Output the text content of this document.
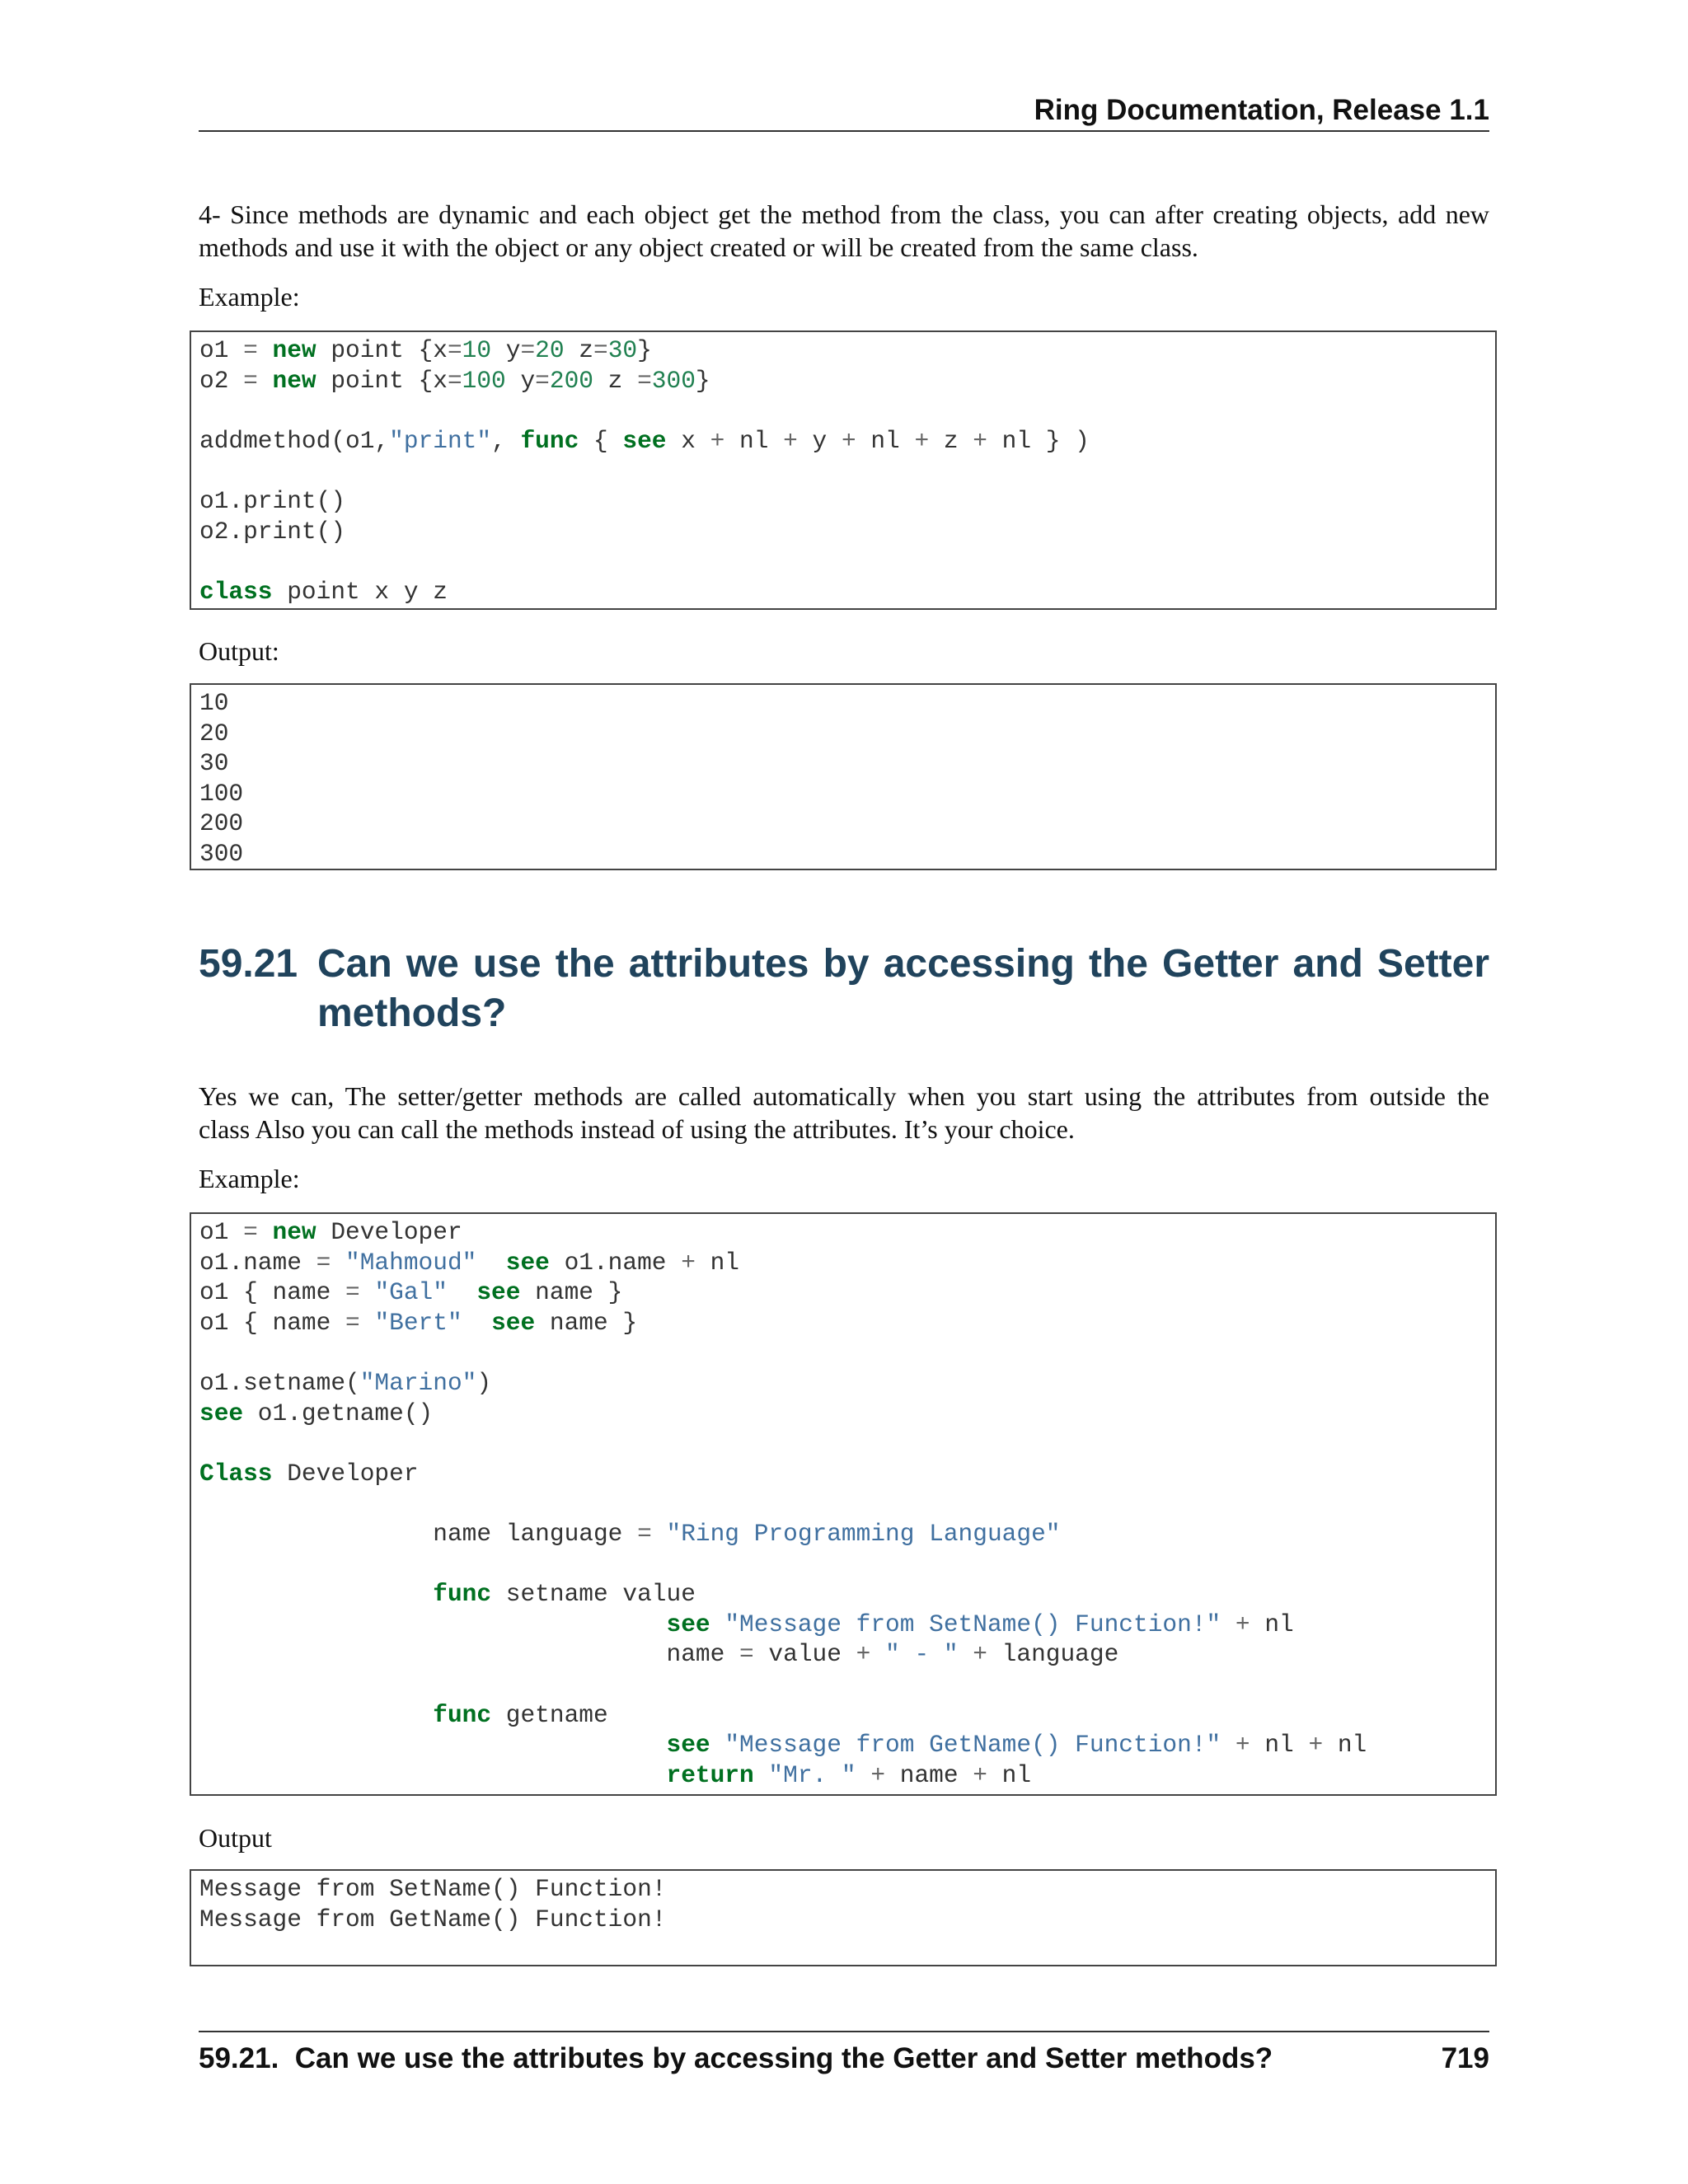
Ring Documentation, Release 1.1
4- Since methods are dynamic and each object get the method from the class, you can after creating objects, add new
methods and use it with the object or any object created or will be created from the same class.
Example:
o1 = new point {x=10 y=20 z=30}
o2 = new point {x=100 y=200 z =300}

addmethod(o1,"print", func { see x + nl + y + nl + z + nl } )

o1.print()
o2.print()

class point x y z
Output:
10
20
30
100
200
300
59.21 Can we use the attributes by accessing the Getter and Setter
methods?
Yes we can, The setter/getter methods are called automatically when you start using the attributes from outside the
class Also you can call the methods instead of using the attributes. It’s your choice.
Example:
o1 = new Developer
o1.name = "Mahmoud" see o1.name + nl
o1 { name = "Gal" see name }
o1 { name = "Bert" see name }

o1.setname("Marino")
see o1.getname()

Class Developer

name language = "Ring Programming Language"

func setname value
see "Message from SetName() Function!" + nl
name = value + " - " + language

func getname
see "Message from GetName() Function!" + nl + nl
return "Mr. " + name + nl
Output
Message from SetName() Function!
Message from GetName() Function!
59.21.  Can we use the attributes by accessing the Getter and Setter methods?	719
